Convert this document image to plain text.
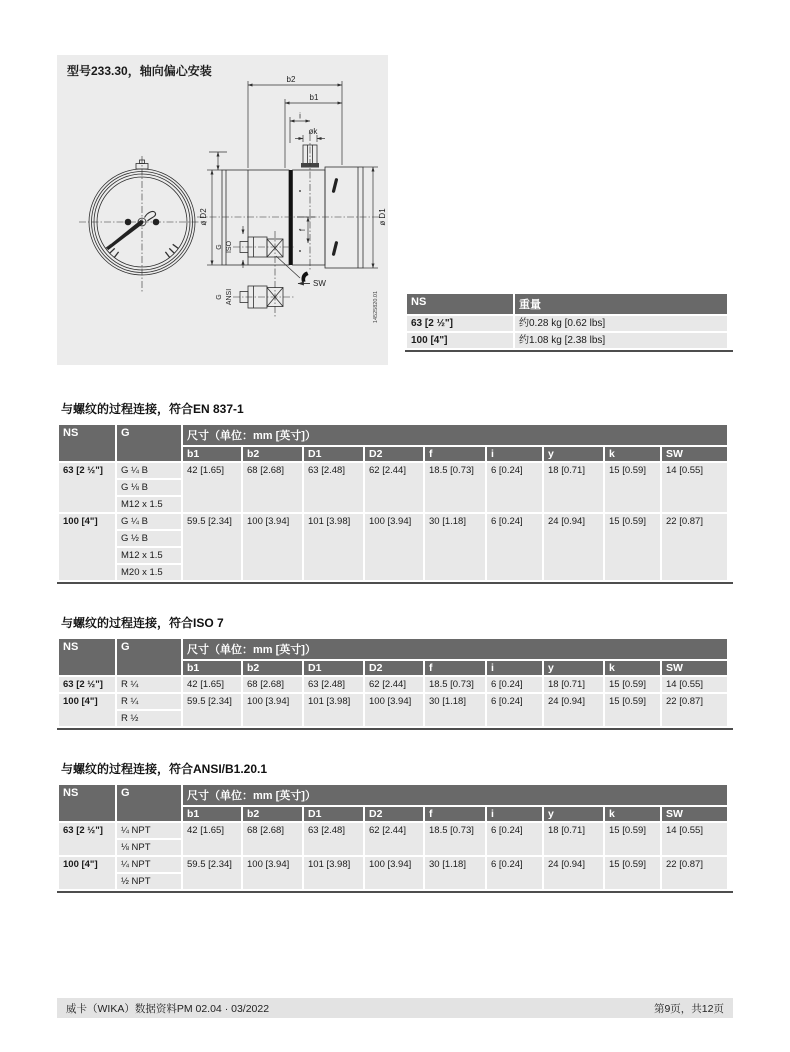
b2
b1
i
øk
ø D2	ø D1
f
G ISO
G ANSI
SW
14525820.01
型号233.30，轴向偏心安装
NS	重量
63 [2 ½"]	约0.28 kg [0.62 lbs]
100 [4"]	约1.08 kg [2.38 lbs]
与螺纹的过程连接，符合EN 837-1
NS	G	尺寸（单位：mm [英寸]）								
		b1	b2	D1	D2	f	i	y	k	SW
63 [2 ½"]	G ¼ B	42 [1.65]	68 [2.68]	63 [2.48]	62 [2.44]	18.5 [0.73]	6 [0.24]	18 [0.71]	15 [0.59]	14 [0.55]
	G ⅛ B									
	M12 x 1.5									
100 [4"]	G ¼ B	59.5 [2.34]	100 [3.94]	101 [3.98]	100 [3.94]	30 [1.18]	6 [0.24]	24 [0.94]	15 [0.59]	22 [0.87]
	G ½ B									
	M12 x 1.5									
	M20 x 1.5									
与螺纹的过程连接，符合ISO 7
NS	G	尺寸（单位：mm [英寸]）								
		b1	b2	D1	D2	f	i	y	k	SW
63 [2 ½"]	R ¼	42 [1.65]	68 [2.68]	63 [2.48]	62 [2.44]	18.5 [0.73]	6 [0.24]	18 [0.71]	15 [0.59]	14 [0.55]
100 [4"]	R ¼	59.5 [2.34]	100 [3.94]	101 [3.98]	100 [3.94]	30 [1.18]	6 [0.24]	24 [0.94]	15 [0.59]	22 [0.87]
	R ½									
与螺纹的过程连接，符合ANSI/B1.20.1
NS	G	尺寸（单位：mm [英寸]）								
		b1	b2	D1	D2	f	i	y	k	SW
63 [2 ½"]	¼ NPT	42 [1.65]	68 [2.68]	63 [2.48]	62 [2.44]	18.5 [0.73]	6 [0.24]	18 [0.71]	15 [0.59]	14 [0.55]
	⅛ NPT									
100 [4"]	¼ NPT	59.5 [2.34]	100 [3.94]	101 [3.98]	100 [3.94]	30 [1.18]	6 [0.24]	24 [0.94]	15 [0.59]	22 [0.87]
	½ NPT									
威卡（WIKA）数据资料PM 02.04 · 03/2022	第9页，共12页
